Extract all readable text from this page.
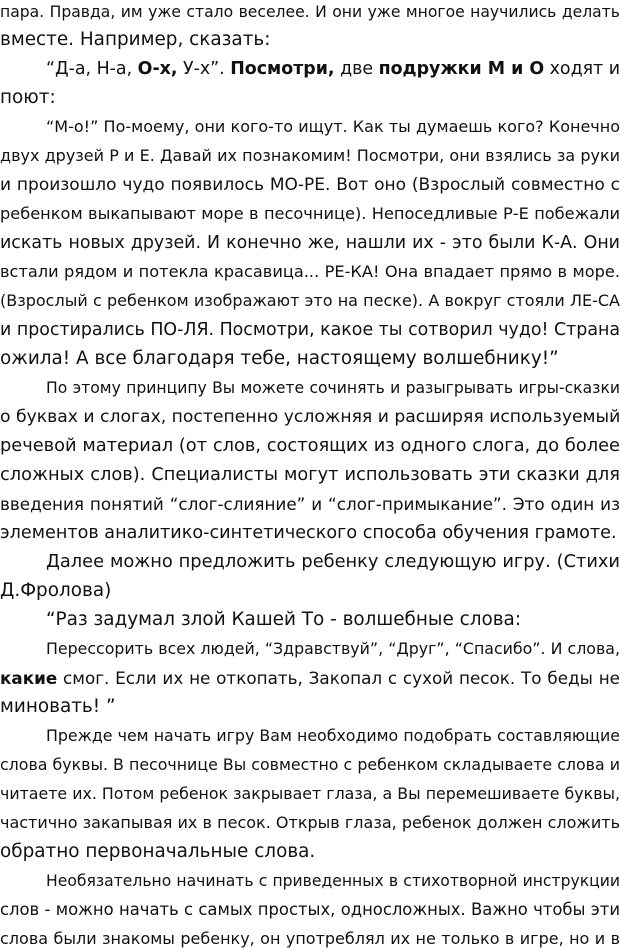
пара. Правда, им уже стало веселее. И они уже многое научились делать
вместе. Например, сказать:
“Д-а, Н-а, О-х, У-х”. Посмотри, две подружки М и О ходят и
поют:
“М-о!” По-моему, они кого-то ищут. Как ты думаешь кого? Конечно
двух друзей Р и Е. Давай их познакомим! Посмотри, они взялись за руки
и произошло чудо появилось МО-РЕ. Вот оно (Взрослый совместно с
ребенком выкапывают море в песочнице). Непоседливые Р-Е побежали
искать новых друзей. И конечно же, нашли их - это были К-А. Они
встали рядом и потекла красавица... РЕ-КА! Она впадает прямо в море.
(Взрослый с ребенком изображают это на песке). А вокруг стояли ЛЕ-СА
и простирались ПО-ЛЯ. Посмотри, какое ты сотворил чудо! Страна
ожила! А все благодаря тебе, настоящему волшебнику!”
По этому принципу Вы можете сочинять и разыгрывать игры-сказки
о буквах и слогах, постепенно усложняя и расширяя используемый
речевой материал (от слов, состоящих из одного слога, до более
сложных слов). Специалисты могут использовать эти сказки для
введения понятий “слог-слияние” и “слог-примыкание”. Это один из
элементов аналитико-синтетического способа обучения грамоте.
Далее можно предложить ребенку следующую игру. (Стихи
Д.Фролова)
“Раз задумал злой Кашей То - волшебные слова:
Перессорить всех людей, “Здравствуй”, “Друг”, “Спасибо”. И слова,
какие смог. Если их не откопать, Закопал с сухой песок. То беды не
миновать! ”
Прежде чем начать игру Вам необходимо подобрать составляющие
слова буквы. В песочнице Вы совместно с ребенком складываете слова и
читаете их. Потом ребенок закрывает глаза, а Вы перемешиваете буквы,
частично закапывая их в песок. Открыв глаза, ребенок должен сложить
обратно первоначальные слова.
Необязательно начинать с приведенных в стихотворной инструкции
слов - можно начать с самых простых, односложных. Важно чтобы эти
слова были знакомы ребенку, он употреблял их не только в игре, но и в
